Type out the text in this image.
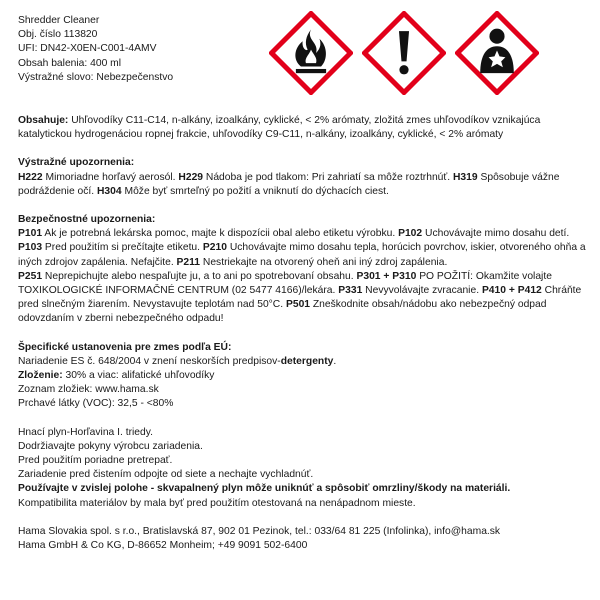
Shredder Cleaner
Obj. číslo 113820
UFI: DN42-X0EN-C001-4AMV
Obsah balenia: 400 ml
Výstražné slovo: Nebezpečenstvo

Obsahuje: Uhľovodíky C11-C14, n-alkány, izoalkány, cyklické, < 2% arómaty, zložitá zmes uhľovodíkov vznikajúca katalytickou hydrogenáciou ropnej frakcie, uhľovodíky C9-C11, n-alkány, izoalkány, cyklické, < 2% arómaty

Výstražné upozornenia:

H222 Mimoriadne horľavý aerosól. H229 Nádoba je pod tlakom: Pri zahriatí sa môže roztrhnúť. H319 Spôsobuje vážne podráždenie očí. H304 Môže byť smrteľný po požití a vniknutí do dýchacích ciest.

Bezpečnostné upozornenia:

P101 Ak je potrebná lekárska pomoc, majte k dispozícii obal alebo etiketu výrobku. P102 Uchovávajte mimo dosahu detí. P103 Pred použitím si prečítajte etiketu. P210 Uchovávajte mimo dosahu tepla, horúcich povrchov, iskier, otvoreného ohňa a iných zdrojov zapálenia. Nefajčite. P211 Nestriekajte na otvorený oheň ani iný zdroj zapálenia.

P251 Neprepichujte alebo nespaľujte ju, a to ani po spotrebovaní obsahu. P301 + P310 PO POŽITÍ: Okamžite volajte TOXIKOLOGICKÉ INFORMAČNÉ CENTRUM (02 5477 4166)/lekára. P331 Nevyvolávajte zvracanie. P410 + P412 Chráňte pred slnečným žiarením. Nevystavujte teplotám nad 50°C. P501 Zneškodnite obsah/nádobu ako nebezpečný odpad odovzdaním v zberni nebezpečného odpadu!

Špecifické ustanovenia pre zmes podľa EÚ:

Nariadenie ES č. 648/2004 v znení neskorších predpisov-detergenty.

Zloženie: 30% a viac: alifatické uhľovodíky

Zoznam zložiek: www.hama.sk

Prchavé látky (VOC): 32,5 - <80%

Hnací plyn-Horľavina I. triedy.

Dodržiavajte pokyny výrobcu zariadenia.

Pred použitím poriadne pretrepať.

Zariadenie pred čistením odpojte od siete a nechajte vychladnúť.

Používajte v zvislej polohe - skvapalnený plyn môže uniknúť a spôsobiť omrzliny/škody na materiáli.

Kompatibilita materiálov by mala byť pred použitím otestovaná na nenápadnom mieste.

Hama Slovakia spol. s r.o., Bratislavská 87, 902 01 Pezinok, tel.: 033/64 81 225 (Infolinka), info@hama.sk

Hama GmbH & Co KG, D-86652 Monheim; +49 9091 502-6400
